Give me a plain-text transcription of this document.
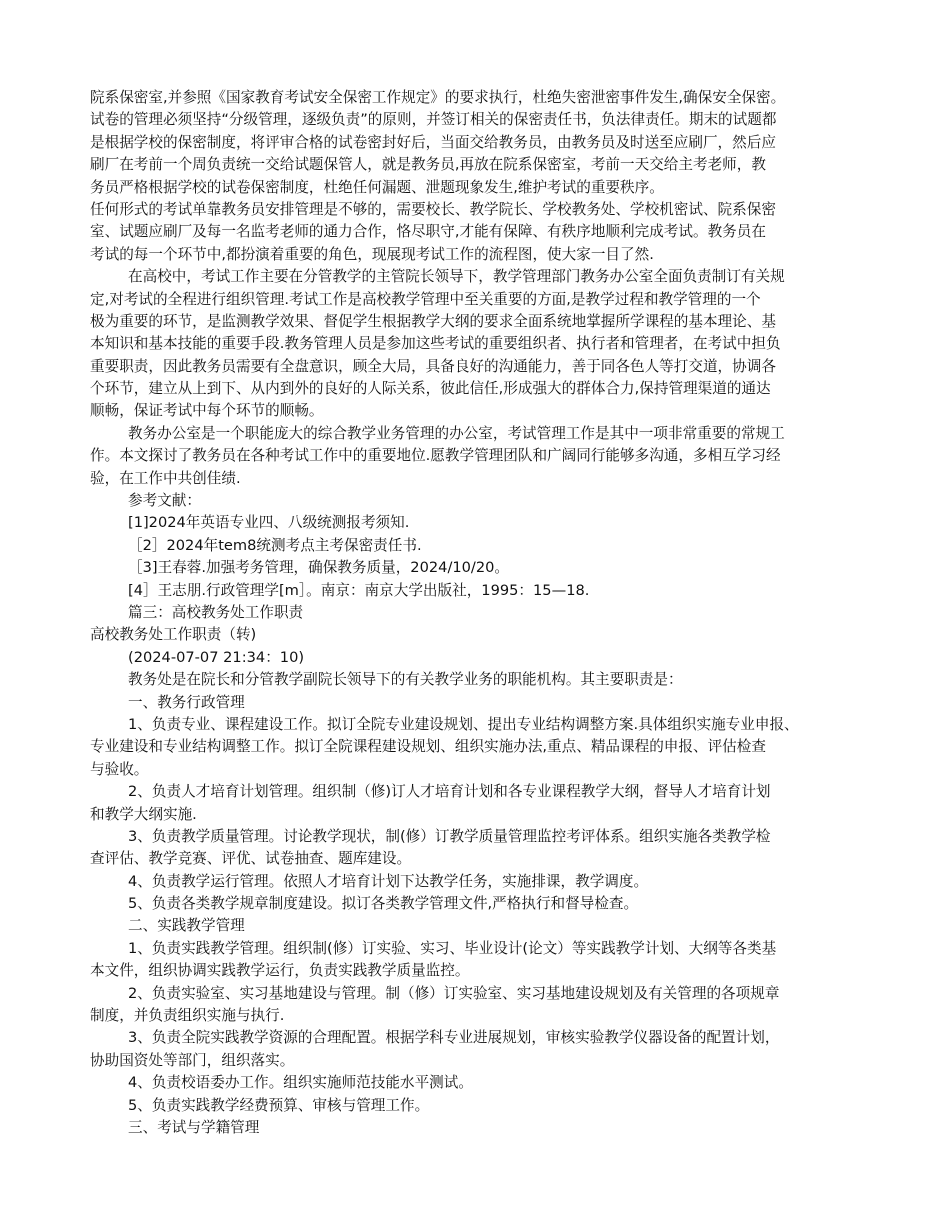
院系保密室,并参照《国家教育考试安全保密工作规定》的要求执行，杜绝失密泄密事件发生,确保安全保密。
试卷的管理必须坚持“分级管理，逐级负责”的原则，并签订相关的保密责任书，负法律责任。期末的试题都
是根据学校的保密制度，将评审合格的试卷密封好后，当面交给教务员，由教务员及时送至应刷厂，然后应
刷厂在考前一个周负责统一交给试题保管人，就是教务员,再放在院系保密室，考前一天交给主考老师，教
务员严格根据学校的试卷保密制度，杜绝任何漏题、泄题现象发生,维护考试的重要秩序。
任何形式的考试单靠教务员安排管理是不够的，需要校长、教学院长、学校教务处、学校机密试、院系保密
室、试题应刷厂及每一名监考老师的通力合作，恪尽职守,才能有保障、有秩序地顺利完成考试。教务员在
考试的每一个环节中,都扮演着重要的角色，现展现考试工作的流程图，使大家一目了然.
在高校中，考试工作主要在分管教学的主管院长领导下，教学管理部门教务办公室全面负责制订有关规
定,对考试的全程进行组织管理.考试工作是高校教学管理中至关重要的方面,是教学过程和教学管理的一个
极为重要的环节，是监测教学效果、督促学生根据教学大纲的要求全面系统地掌握所学课程的基本理论、基
本知识和基本技能的重要手段.教务管理人员是参加这些考试的重要组织者、执行者和管理者，在考试中担负
重要职责，因此教务员需要有全盘意识，顾全大局，具备良好的沟通能力，善于同各色人等打交道，协调各
个环节，建立从上到下、从内到外的良好的人际关系，彼此信任,形成强大的群体合力,保持管理渠道的通达
顺畅，保证考试中每个环节的顺畅。
教务办公室是一个职能庞大的综合教学业务管理的办公室，考试管理工作是其中一项非常重要的常规工
作。本文探讨了教务员在各种考试工作中的重要地位.愿教学管理团队和广阔同行能够多沟通，多相互学习经
验，在工作中共创佳绩.
参考文献：
[1]2024年英语专业四、八级统测报考须知.
［2］2024年tem8统测考点主考保密责任书.
［3]王春蓉.加强考务管理，确保教务质量，2024/10/20。
[4］王志朋.行政管理学[m］。南京：南京大学出版社，1995：15—18.
篇三：高校教务处工作职责
高校教务处工作职责（转)
(2024-07-07 21:34：10)
教务处是在院长和分管教学副院长领导下的有关教学业务的职能机构。其主要职责是：
一、教务行政管理
1、负责专业、课程建设工作。拟订全院专业建设规划、提出专业结构调整方案.具体组织实施专业申报、
专业建设和专业结构调整工作。拟订全院课程建设规划、组织实施办法,重点、精品课程的申报、评估检查
与验收。
2、负责人才培育计划管理。组织制（修)订人才培育计划和各专业课程教学大纲，督导人才培育计划
和教学大纲实施.
3、负责教学质量管理。讨论教学现状，制(修）订教学质量管理监控考评体系。组织实施各类教学检
查评估、教学竞赛、评优、试卷抽查、题库建设。
4、负责教学运行管理。依照人才培育计划下达教学任务，实施排课，教学调度。
5、负责各类教学规章制度建设。拟订各类教学管理文件,严格执行和督导检查。
二、实践教学管理
1、负责实践教学管理。组织制(修）订实验、实习、毕业设计(论文）等实践教学计划、大纲等各类基
本文件，组织协调实践教学运行，负责实践教学质量监控。
2、负责实验室、实习基地建设与管理。制（修）订实验室、实习基地建设规划及有关管理的各项规章
制度，并负责组织实施与执行.
3、负责全院实践教学资源的合理配置。根据学科专业进展规划，审核实验教学仪器设备的配置计划，
协助国资处等部门，组织落实。
4、负责校语委办工作。组织实施师范技能水平测试。
5、负责实践教学经费预算、审核与管理工作。
三、考试与学籍管理
